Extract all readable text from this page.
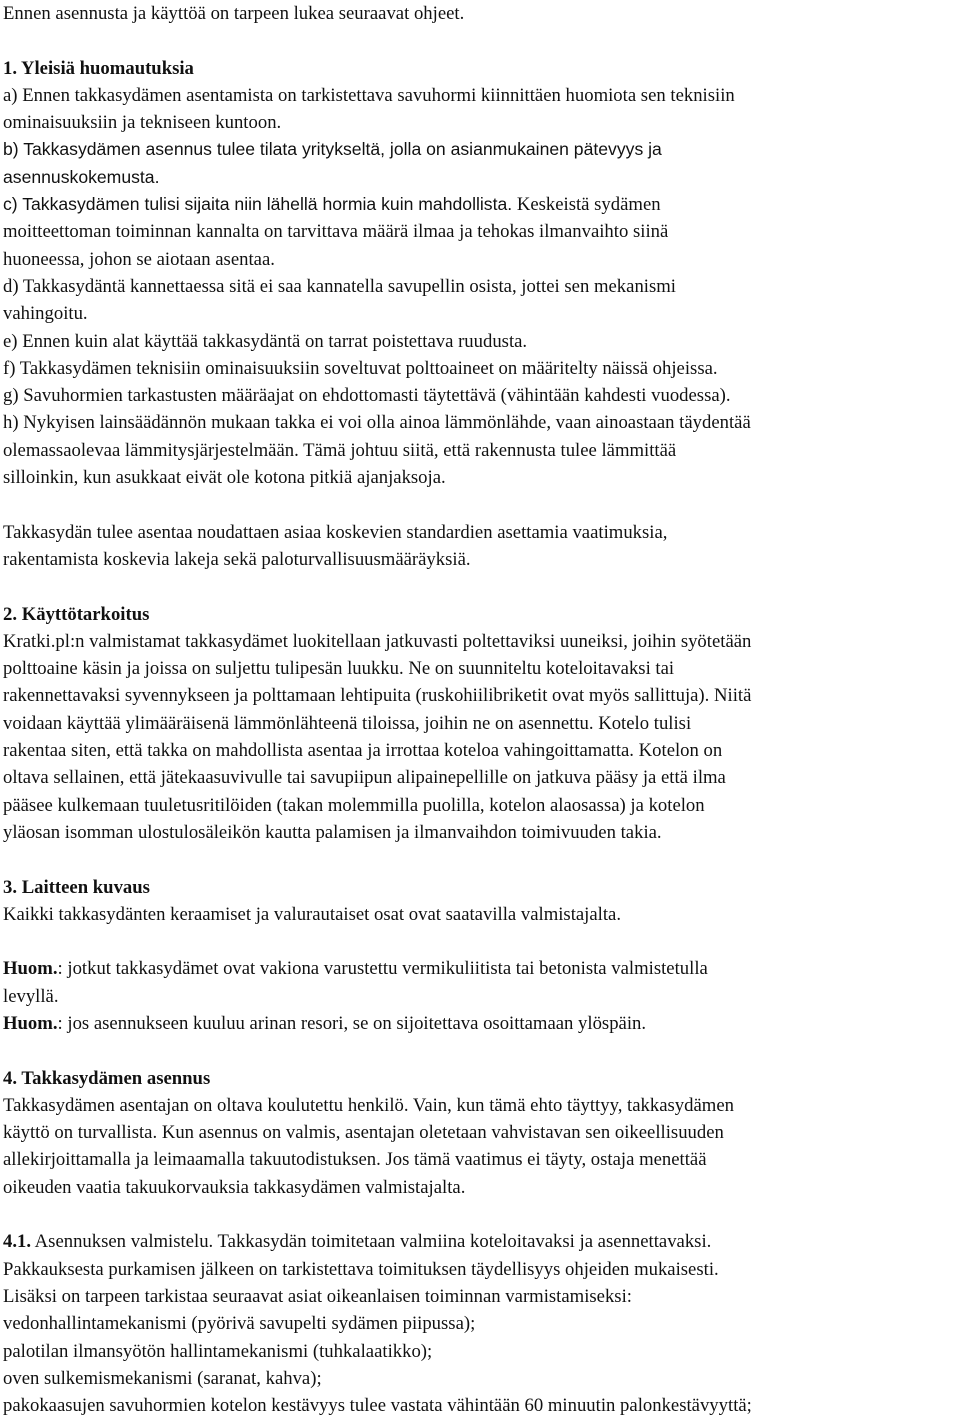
Ennen asennusta ja käyttöä on tarpeen lukea seuraavat ohjeet.
1. Yleisiä huomautuksia
a) Ennen takkasydämen asentamista on tarkistettava savuhormi kiinnittäen huomiota sen teknisiin
ominaisuuksiin ja tekniseen kuntoon.
b) Takkasydämen asennus tulee tilata yritykseltä, jolla on asianmukainen pätevyys ja
asennuskokemusta.
c) Takkasydämen tulisi sijaita niin lähellä hormia kuin mahdollista. Keskeistä sydämen
moitteettoman toiminnan kannalta on tarvittava määrä ilmaa ja tehokas ilmanvaihto siinä
huoneessa, johon se aiotaan asentaa.
d) Takkasydäntä kannettaessa sitä ei saa kannatella savupellin osista, jottei sen mekanismi
vahingoitu.
e) Ennen kuin alat käyttää takkasydäntä on tarrat poistettava ruudusta.
f) Takkasydämen teknisiin ominaisuuksiin soveltuvat polttoaineet on määritelty näissä ohjeissa.
g) Savuhormien tarkastusten määräajat on ehdottomasti täytettävä (vähintään kahdesti vuodessa).
h) Nykyisen lainsäädännön mukaan takka ei voi olla ainoa lämmönlähde, vaan ainoastaan täydentää
olemassaolevaa lämmitysjärjestelmään. Tämä johtuu siitä, että rakennusta tulee lämmittää
silloinkin, kun asukkaat eivät ole kotona pitkiä ajanjaksoja.
Takkasydän tulee asentaa noudattaen asiaa koskevien standardien asettamia vaatimuksia,
rakentamista koskevia lakeja sekä paloturvallisuusmääräyksiä.
2. Käyttötarkoitus
Kratki.pl:n valmistamat takkasydämet luokitellaan jatkuvasti poltettaviksi uuneiksi, joihin syötetään
polttoaine käsin ja joissa on suljettu tulipesän luukku. Ne on suunniteltu koteloitavaksi tai
rakennettavaksi syvennykseen ja polttamaan lehtipuita (ruskohiilibriketit ovat myös sallittuja). Niitä
voidaan käyttää ylimääräisenä lämmönlähteenä tiloissa, joihin ne on asennettu. Kotelo tulisi
rakentaa siten, että takka on mahdollista asentaa ja irrottaa koteloa vahingoittamatta. Kotelon on
oltava sellainen, että jätekaasuvivulle tai savupiipun alipainepellille on jatkuva pääsy ja että ilma
pääsee kulkemaan tuuletusritilöiden (takan molemmilla puolilla, kotelon alaosassa) ja kotelon
yläosan isomman ulostulosäleikön kautta palamisen ja ilmanvaihdon toimivuuden takia.
3. Laitteen kuvaus
Kaikki takkasydänten keraamiset ja valurautaiset osat ovat saatavilla valmistajalta.
Huom.: jotkut takkasydämet ovat vakiona varustettu vermikuliitista tai betonista valmistetulla
levyllä.
Huom.: jos asennukseen kuuluu arinan resori, se on sijoitettava osoittamaan ylöspäin.
4. Takkasydämen asennus
Takkasydämen asentajan on oltava koulutettu henkilö. Vain, kun tämä ehto täyttyy, takkasydämen
käyttö on turvallista. Kun asennus on valmis, asentajan oletetaan vahvistavan sen oikeellisuuden
allekirjoittamalla ja leimaamalla takuutodistuksen. Jos tämä vaatimus ei täyty, ostaja menettää
oikeuden vaatia takuukorvauksia takkasydämen valmistajalta.
4.1. Asennuksen valmistelu. Takkasydän toimitetaan valmiina koteloitavaksi ja asennettavaksi.
Pakkauksesta purkamisen jälkeen on tarkistettava toimituksen täydellisyys ohjeiden mukaisesti.
Lisäksi on tarpeen tarkistaa seuraavat asiat oikeanlaisen toiminnan varmistamiseksi:
vedonhallintamekanismi (pyörivä savupelti sydämen piipussa);
palotilan ilmansyötön hallintamekanismi (tuhkalaatikko);
oven sulkemismekanismi (saranat, kahva);
pakokaasujen savuhormien kotelon kestävyys tulee vastata vähintään 60 minuutin palonkestävyyttä;
